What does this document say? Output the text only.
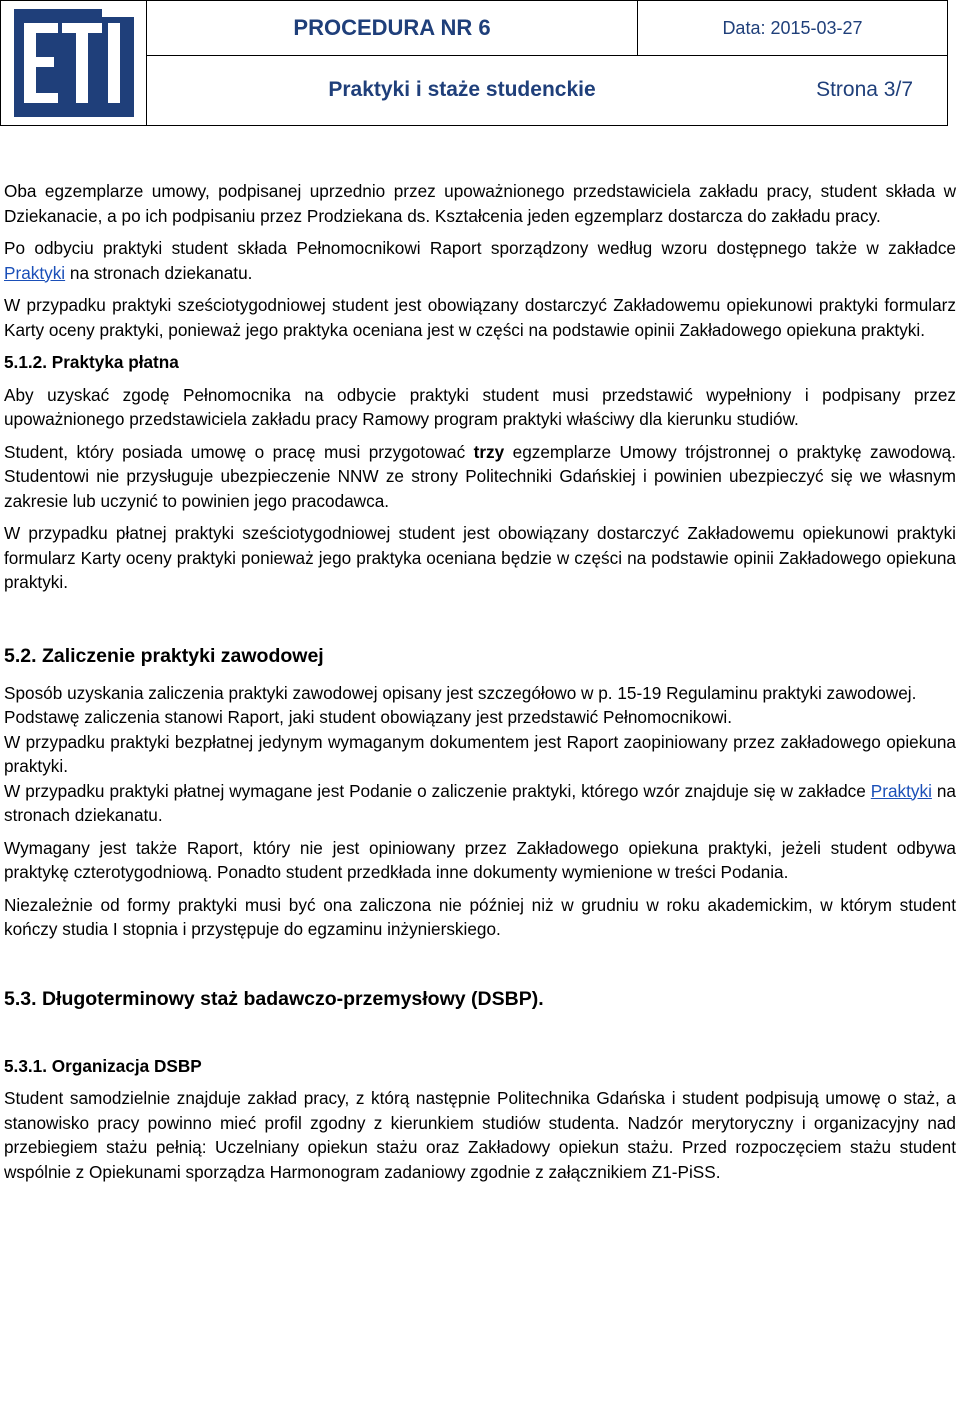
PROCEDURA NR 6	Data: 2015-03-27
Praktyki i staże studenckie	Strona 3/7

Oba egzemplarze umowy, podpisanej uprzednio przez upoważnionego przedstawiciela zakładu pracy, student składa w Dziekanacie, a po ich podpisaniu przez Prodziekana ds. Kształcenia jeden egzemplarz dostarcza do zakładu pracy.

Po odbyciu praktyki student składa Pełnomocnikowi Raport sporządzony według wzoru dostępnego także w zakładce Praktyki na stronach dziekanatu.

W przypadku praktyki sześciotygodniowej student jest obowiązany dostarczyć Zakładowemu opiekunowi praktyki formularz Karty oceny praktyki, ponieważ jego praktyka oceniana jest w części na podstawie opinii Zakładowego opiekuna praktyki.

5.1.2. Praktyka płatna

Aby uzyskać zgodę Pełnomocnika na odbycie praktyki student musi przedstawić wypełniony i podpisany przez upoważnionego przedstawiciela zakładu pracy Ramowy program praktyki właściwy dla kierunku studiów.

Student, który posiada umowę o pracę musi przygotować trzy egzemplarze Umowy trójstronnej o praktykę zawodową. Studentowi nie przysługuje ubezpieczenie NNW ze strony Politechniki Gdańskiej i powinien ubezpieczyć się we własnym zakresie lub uczynić to powinien jego pracodawca.

W przypadku płatnej praktyki sześciotygodniowej student jest obowiązany dostarczyć Zakładowemu opiekunowi praktyki formularz Karty oceny praktyki ponieważ jego praktyka oceniana będzie w części na podstawie opinii Zakładowego opiekuna praktyki.

5.2. Zaliczenie praktyki zawodowej

Sposób uzyskania zaliczenia praktyki zawodowej opisany jest szczegółowo w p. 15-19 Regulaminu praktyki zawodowej.

Podstawę zaliczenia stanowi Raport, jaki student obowiązany jest przedstawić Pełnomocnikowi.

W przypadku praktyki bezpłatnej jedynym wymaganym dokumentem jest Raport zaopiniowany przez zakładowego opiekuna praktyki.

W przypadku praktyki płatnej wymagane jest Podanie o zaliczenie praktyki, którego wzór znajduje się w zakładce Praktyki na stronach dziekanatu.

Wymagany jest także Raport, który nie jest opiniowany przez Zakładowego opiekuna praktyki, jeżeli student odbywa praktykę czterotygodniową. Ponadto student przedkłada inne dokumenty wymienione w treści Podania.

Niezależnie od formy praktyki musi być ona zaliczona nie później niż w grudniu w roku akademickim, w którym student kończy studia I stopnia i przystępuje do egzaminu inżynierskiego.

5.3. Długoterminowy staż badawczo-przemysłowy (DSBP).
5.3.1. Organizacja DSBP

Student samodzielnie znajduje zakład pracy, z którą następnie Politechnika Gdańska i student podpisują umowę o staż, a stanowisko pracy powinno mieć profil zgodny z kierunkiem studiów studenta. Nadzór merytoryczny i organizacyjny nad przebiegiem stażu pełnią: Uczelniany opiekun stażu oraz Zakładowy opiekun stażu. Przed rozpoczęciem stażu student wspólnie z Opiekunami sporządza Harmonogram zadaniowy zgodnie z załącznikiem Z1-PiSS.
